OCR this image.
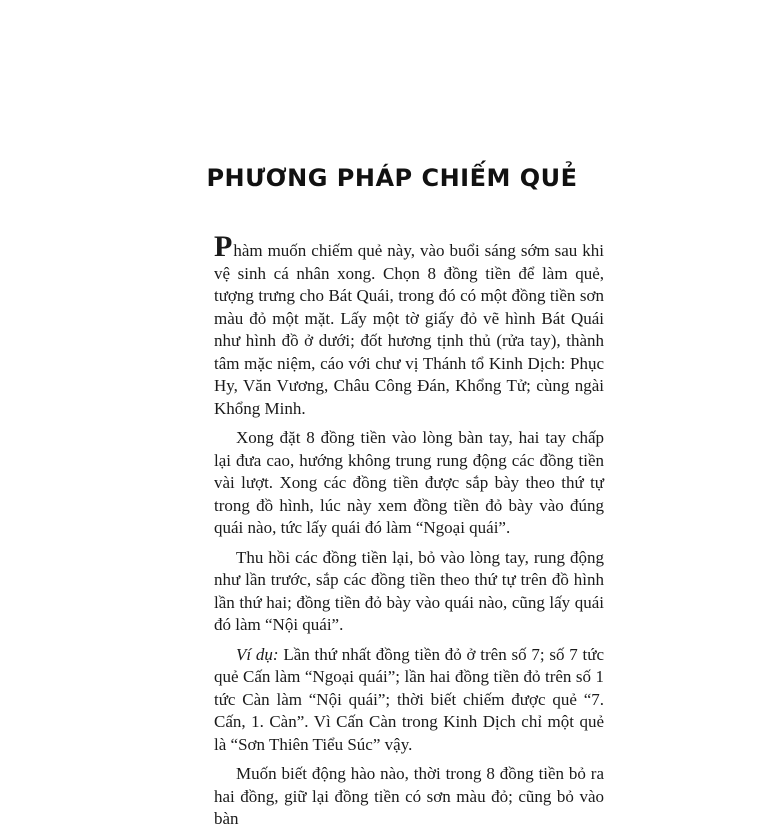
PHƯƠNG PHÁP CHIẾM QUẺ

Phàm muốn chiếm quẻ này, vào buổi sáng sớm sau khi vệ sinh cá nhân xong. Chọn 8 đồng tiền để làm quẻ, tượng trưng cho Bát Quái, trong đó có một đồng tiền sơn màu đỏ một mặt. Lấy một tờ giấy đỏ vẽ hình Bát Quái như hình đồ ở dưới; đốt hương tịnh thủ (rửa tay), thành tâm mặc niệm, cáo với chư vị Thánh tổ Kinh Dịch: Phục Hy, Văn Vương, Châu Công Đán, Khổng Tử; cùng ngài Khổng Minh.

Xong đặt 8 đồng tiền vào lòng bàn tay, hai tay chấp lại đưa cao, hướng không trung rung động các đồng tiền vài lượt. Xong các đồng tiền được sắp bày theo thứ tự trong đồ hình, lúc này xem đồng tiền đỏ bày vào đúng quái nào, tức lấy quái đó làm “Ngoại quái”.

Thu hồi các đồng tiền lại, bỏ vào lòng tay, rung động như lần trước, sắp các đồng tiền theo thứ tự trên đồ hình lần thứ hai; đồng tiền đỏ bày vào quái nào, cũng lấy quái đó làm “Nội quái”.

Ví dụ: Lần thứ nhất đồng tiền đỏ ở trên số 7; số 7 tức quẻ Cấn làm “Ngoại quái”; lần hai đồng tiền đỏ trên số 1 tức Càn làm “Nội quái”; thời biết chiếm được quẻ “7. Cấn, 1. Càn”. Vì Cấn Càn trong Kinh Dịch chỉ một quẻ là “Sơn Thiên Tiểu Súc” vậy.

Muốn biết động hào nào, thời trong 8 đồng tiền bỏ ra hai đồng, giữ lại đồng tiền có sơn màu đỏ; cũng bỏ vào bàn
